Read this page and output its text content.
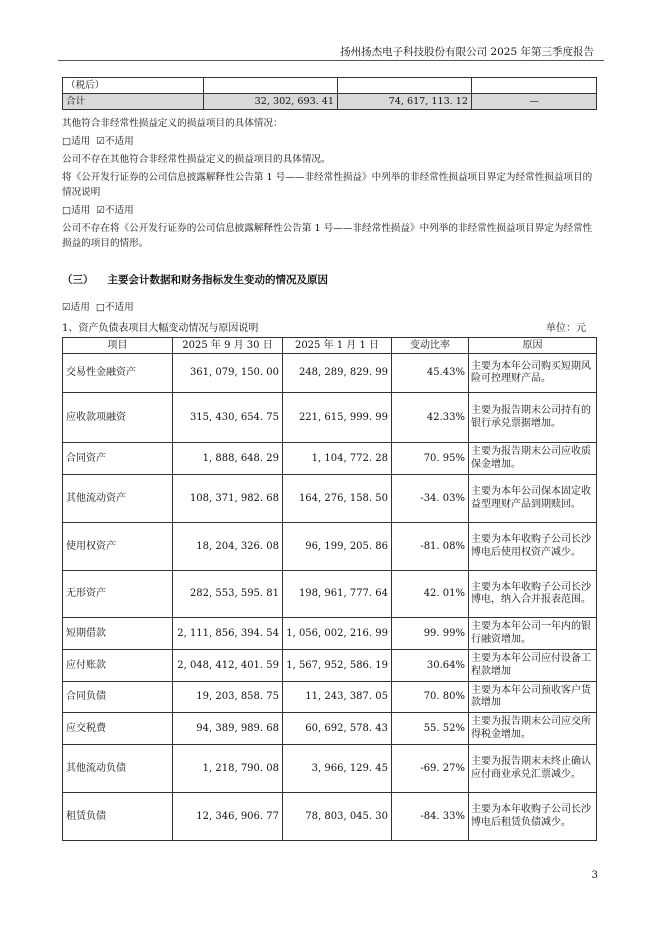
扬州扬杰电子科技股份有限公司 2025 年第三季度报告
（税后）			
合计	32, 302, 693. 41	74, 617, 113. 12	—

其他符合非经常性损益定义的损益项目的具体情况：

□适用  ☑不适用

公司不存在其他符合非经常性损益定义的损益项目的具体情况。

将《公开发行证券的公司信息披露解释性公告第 1 号——非经常性损益》中列举的非经常性损益项目界定为经常性损益项目的情况说明

□适用  ☑不适用

公司不存在将《公开发行证券的公司信息披露解释性公告第 1 号——非经常性损益》中列举的非经常性损益项目界定为经常性损益的项目的情形。

（三） 主要会计数据和财务指标发生变动的情况及原因

☑适用  □不适用

1、资产负债表项目大幅变动情况与原因说明	单位：元
项目	2025 年 9 月 30 日	2025 年 1 月 1 日	变动比率	原因
交易性金融资产	361, 079, 150. 00	248, 289, 829. 99	45.43%	主要为本年公司购买短期风险可控理财产品。
应收款项融资	315, 430, 654. 75	221, 615, 999. 99	42.33%	主要为报告期末公司持有的银行承兑票据增加。
合同资产	1, 888, 648. 29	1, 104, 772. 28	70. 95%	主要为报告期末公司应收质保金增加。
其他流动资产	108, 371, 982. 68	164, 276, 158. 50	-34. 03%	主要为本年公司保本固定收益型理财产品到期赎回。
使用权资产	18, 204, 326. 08	96, 199, 205. 86	-81. 08%	主要为本年收购子公司长沙博电后使用权资产减少。
无形资产	282, 553, 595. 81	198, 961, 777. 64	42. 01%	主要为本年收购子公司长沙博电，纳入合并报表范围。
短期借款	2, 111, 856, 394. 54	1, 056, 002, 216. 99	99. 99%	主要为本年公司一年内的银行融资增加。
应付账款	2, 048, 412, 401. 59	1, 567, 952, 586. 19	30.64%	主要为本年公司应付设备工程款增加
合同负债	19, 203, 858. 75	11, 243, 387. 05	70. 80%	主要为本年公司预收客户货款增加
应交税费	94, 389, 989. 68	60, 692, 578. 43	55. 52%	主要为报告期末公司应交所得税金增加。
其他流动负债	1, 218, 790. 08	3, 966, 129. 45	-69. 27%	主要为报告期末未终止确认应付商业承兑汇票减少。
租赁负债	12, 346, 906. 77	78, 803, 045. 30	-84. 33%	主要为本年收购子公司长沙博电后租赁负债减少。
3
